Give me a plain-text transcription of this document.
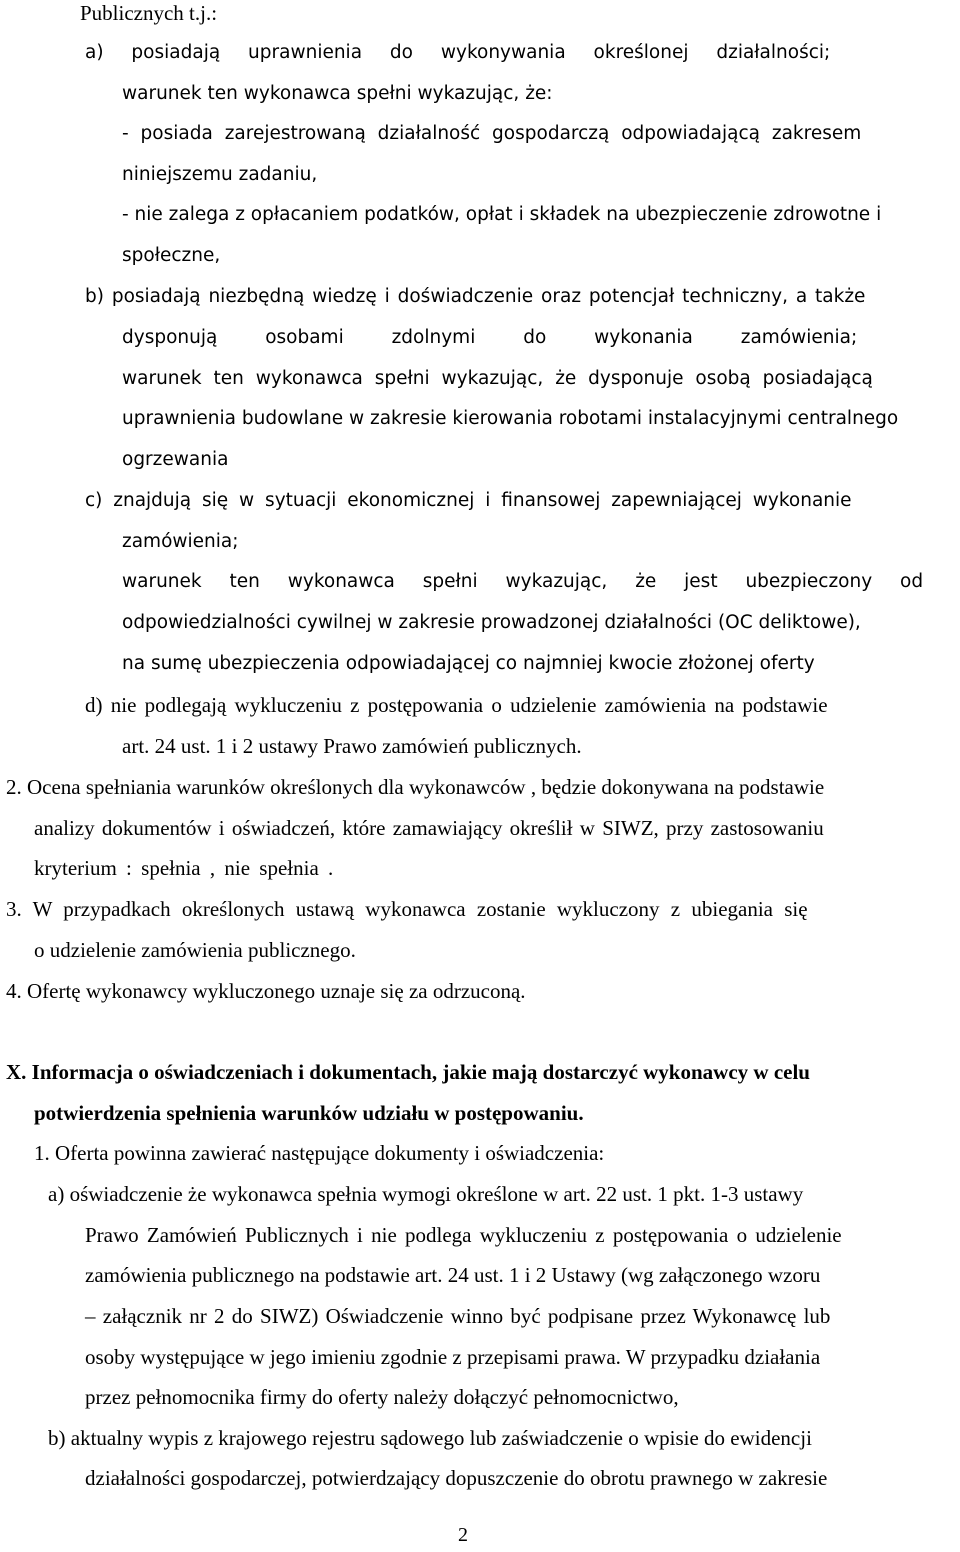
Publicznych t.j.:
a) posiadają uprawnienia do wykonywania określonej działalności;
warunek ten wykonawca spełni wykazując, że:
- posiada zarejestrowaną działalność gospodarczą odpowiadającą zakresem
niniejszemu zadaniu,
- nie zalega z opłacaniem podatków, opłat i składek na ubezpieczenie zdrowotne i
społeczne,
b) posiadają niezbędną wiedzę i doświadczenie oraz potencjał techniczny, a także
dysponują osobami zdolnymi do wykonania zamówienia;
warunek ten wykonawca spełni wykazując, że dysponuje osobą posiadającą
uprawnienia budowlane w zakresie kierowania robotami instalacyjnymi centralnego
ogrzewania
c) znajdują się w sytuacji ekonomicznej i finansowej zapewniającej wykonanie
zamówienia;
warunek ten wykonawca spełni wykazując, że jest ubezpieczony od
odpowiedzialności cywilnej w zakresie prowadzonej działalności (OC deliktowe),
na sumę ubezpieczenia odpowiadającej co najmniej kwocie złożonej oferty
d) nie podlegają wykluczeniu z postępowania o udzielenie zamówienia na podstawie
art. 24 ust. 1 i 2 ustawy Prawo zamówień publicznych.
2. Ocena spełniania warunków określonych dla wykonawców , będzie dokonywana na podstawie
analizy dokumentów i oświadczeń, które zamawiający określił w SIWZ, przy zastosowaniu
kryterium : spełnia , nie spełnia .
3. W przypadkach określonych ustawą wykonawca zostanie wykluczony z ubiegania się
o udzielenie zamówienia publicznego.
4. Ofertę wykonawcy wykluczonego uznaje się za odrzuconą.
X. Informacja o oświadczeniach i dokumentach, jakie mają dostarczyć wykonawcy w celu
potwierdzenia spełnienia warunków udziału w postępowaniu.
1. Oferta powinna zawierać następujące dokumenty i oświadczenia:
a) oświadczenie że wykonawca spełnia wymogi określone w art. 22 ust. 1 pkt. 1-3 ustawy
Prawo Zamówień Publicznych i nie podlega wykluczeniu z postępowania o udzielenie
zamówienia publicznego na podstawie art. 24 ust. 1 i 2 Ustawy (wg załączonego wzoru
– załącznik nr 2 do SIWZ) Oświadczenie winno być podpisane przez Wykonawcę lub
osoby występujące w jego imieniu zgodnie z przepisami prawa. W przypadku działania
przez pełnomocnika firmy do oferty należy dołączyć pełnomocnictwo,
b) aktualny wypis z krajowego rejestru sądowego lub zaświadczenie o wpisie do ewidencji
działalności gospodarczej, potwierdzający dopuszczenie do obrotu prawnego w zakresie
2
